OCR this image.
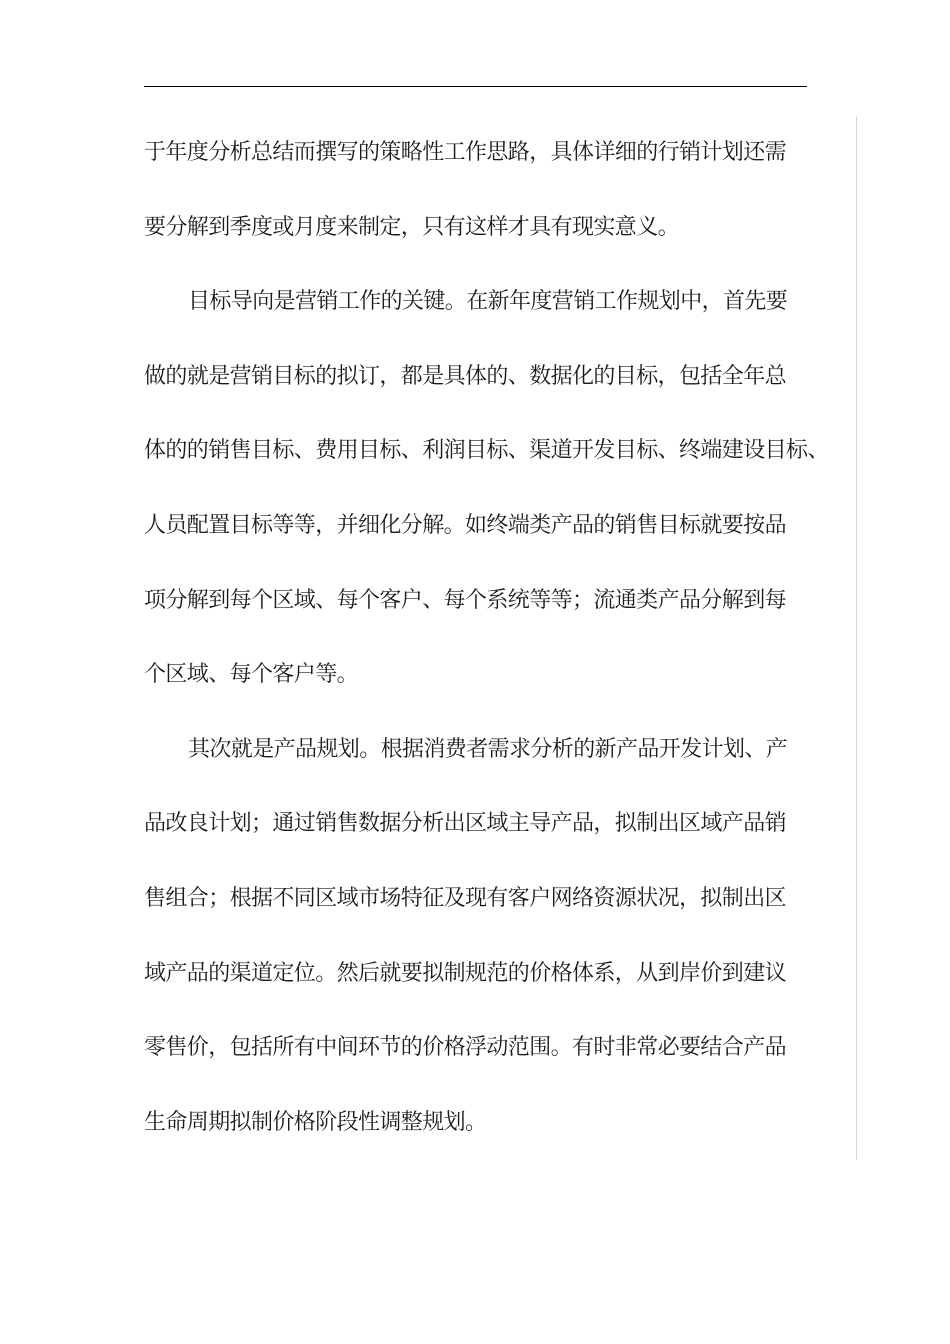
于年度分析总结而撰写的策略性工作思路，具体详细的行销计划还需
要分解到季度或月度来制定，只有这样才具有现实意义。

目标导向是营销工作的关键。在新年度营销工作规划中，首先要
做的就是营销目标的拟订，都是具体的、数据化的目标，包括全年总
体的的销售目标、费用目标、利润目标、渠道开发目标、终端建设目标、
人员配置目标等等，并细化分解。如终端类产品的销售目标就要按品
项分解到每个区域、每个客户、每个系统等等；流通类产品分解到每
个区域、每个客户等。

其次就是产品规划。根据消费者需求分析的新产品开发计划、产
品改良计划；通过销售数据分析出区域主导产品，拟制出区域产品销
售组合；根据不同区域市场特征及现有客户网络资源状况，拟制出区
域产品的渠道定位。然后就要拟制规范的价格体系，从到岸价到建议
零售价，包括所有中间环节的价格浮动范围。有时非常必要结合产品
生命周期拟制价格阶段性调整规划。
